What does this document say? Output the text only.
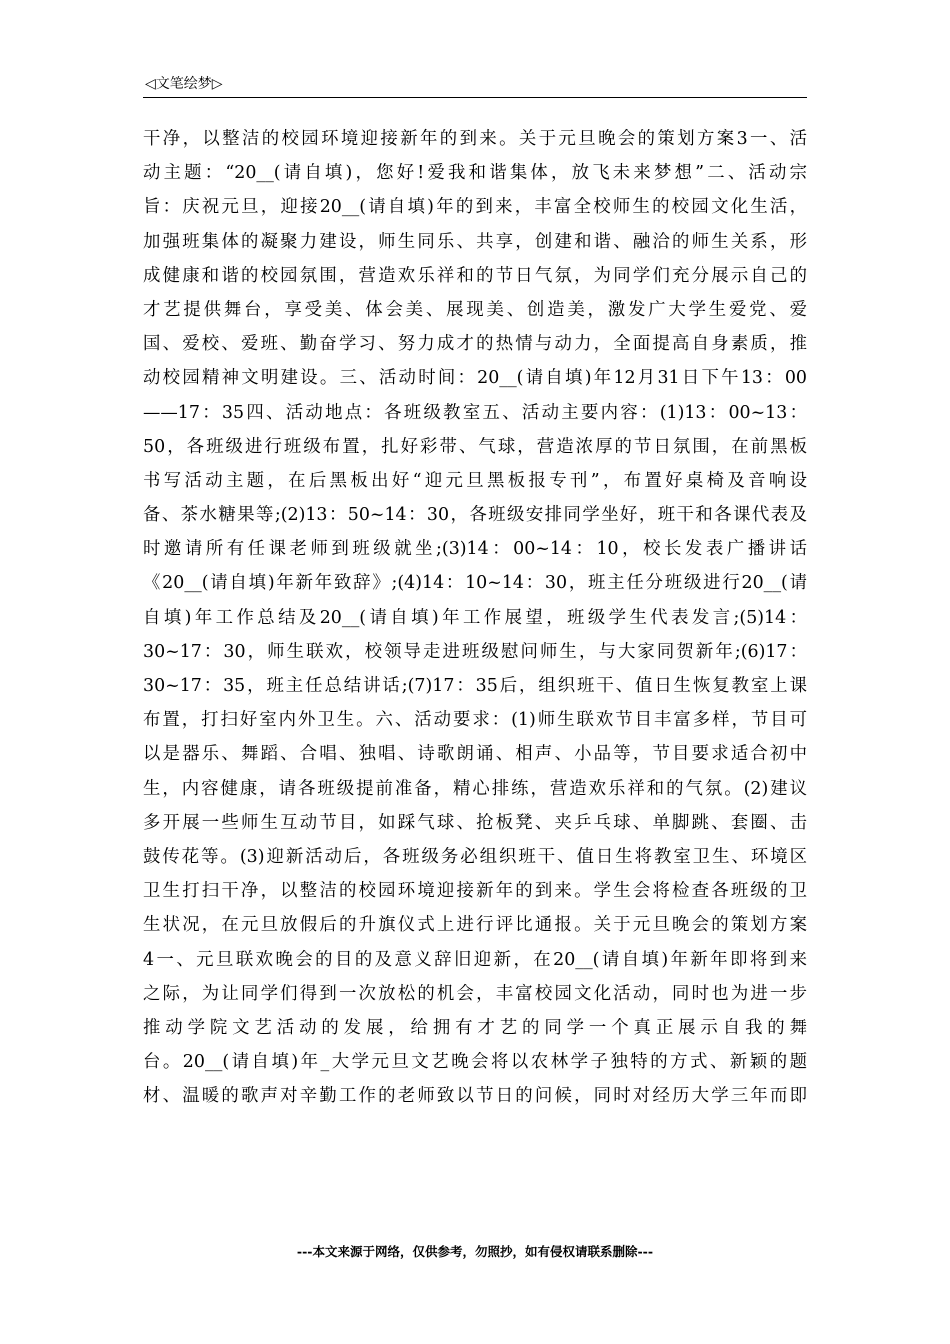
◁文笔绘梦▷
干净，以整洁的校园环境迎接新年的到来。关于元旦晚会的策划方案3一、活
动主题：“20__(请自填)，您好!爱我和谐集体，放飞未来梦想”二、活动宗
旨：庆祝元旦，迎接20__(请自填)年的到来，丰富全校师生的校园文化生活，
加强班集体的凝聚力建设，师生同乐、共享，创建和谐、融洽的师生关系，形
成健康和谐的校园氛围，营造欢乐祥和的节日气氛，为同学们充分展示自己的
才艺提供舞台，享受美、体会美、展现美、创造美，激发广大学生爱党、爱
国、爱校、爱班、勤奋学习、努力成才的热情与动力，全面提高自身素质，推
动校园精神文明建设。三、活动时间：20__(请自填)年12月31日下午13：00
——17：35四、活动地点：各班级教室五、活动主要内容：(1)13：00~13：
50，各班级进行班级布置，扎好彩带、气球，营造浓厚的节日氛围，在前黑板
书写活动主题，在后黑板出好“迎元旦黑板报专刊”，布置好桌椅及音响设
备、茶水糖果等;(2)13：50~14：30，各班级安排同学坐好，班干和各课代表及
时邀请所有任课老师到班级就坐;(3)14：00~14：10，校长发表广播讲话
《20__(请自填)年新年致辞》;(4)14：10~14：30，班主任分班级进行20__(请
自填)年工作总结及20__(请自填)年工作展望，班级学生代表发言;(5)14：
30~17：30，师生联欢，校领导走进班级慰问师生，与大家同贺新年;(6)17：
30~17：35，班主任总结讲话;(7)17：35后，组织班干、值日生恢复教室上课
布置，打扫好室内外卫生。六、活动要求：(1)师生联欢节目丰富多样，节目可
以是器乐、舞蹈、合唱、独唱、诗歌朗诵、相声、小品等，节目要求适合初中
生，内容健康，请各班级提前准备，精心排练，营造欢乐祥和的气氛。(2)建议
多开展一些师生互动节目，如踩气球、抢板凳、夹乒乓球、单脚跳、套圈、击
鼓传花等。(3)迎新活动后，各班级务必组织班干、值日生将教室卫生、环境区
卫生打扫干净，以整洁的校园环境迎接新年的到来。学生会将检查各班级的卫
生状况，在元旦放假后的升旗仪式上进行评比通报。关于元旦晚会的策划方案
4一、元旦联欢晚会的目的及意义辞旧迎新，在20__(请自填)年新年即将到来
之际，为让同学们得到一次放松的机会，丰富校园文化活动，同时也为进一步
推动学院文艺活动的发展，给拥有才艺的同学一个真正展示自我的舞
台。20__(请自填)年_大学元旦文艺晚会将以农林学子独特的方式、新颖的题
材、温暖的歌声对辛勤工作的老师致以节日的问候，同时对经历大学三年而即
---本文来源于网络，仅供参考，勿照抄，如有侵权请联系删除---
